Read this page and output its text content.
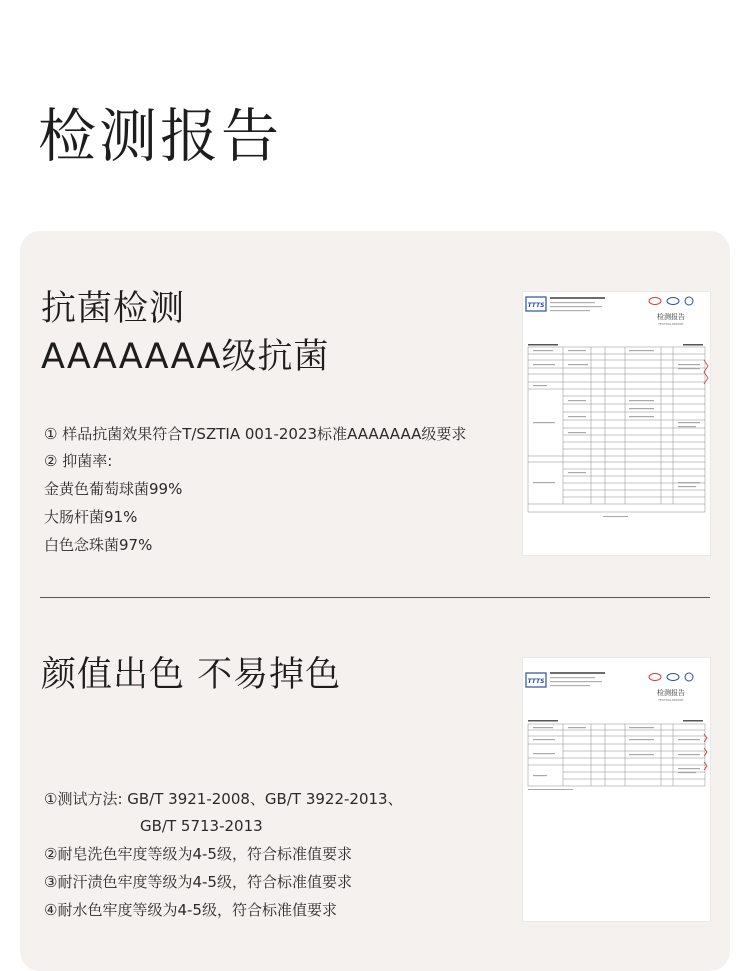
检测报告
抗菌检测
AAAAAAA级抗菌
① 样品抗菌效果符合T/SZTIA 001-2023标准AAAAAAA级要求
② 抑菌率:
金黄色葡萄球菌99%
大肠杆菌91%
白色念珠菌97%
TTTS
检测报告
TESTING REPORT
颜值出色 不易掉色
①测试方法: GB/T 3921-2008、GB/T 3922-2013、
GB/T 5713-2013
②耐皂洗色牢度等级为4-5级，符合标准值要求
③耐汗渍色牢度等级为4-5级，符合标准值要求
④耐水色牢度等级为4-5级，符合标准值要求
TTTS
检测报告
TESTING REPORT
